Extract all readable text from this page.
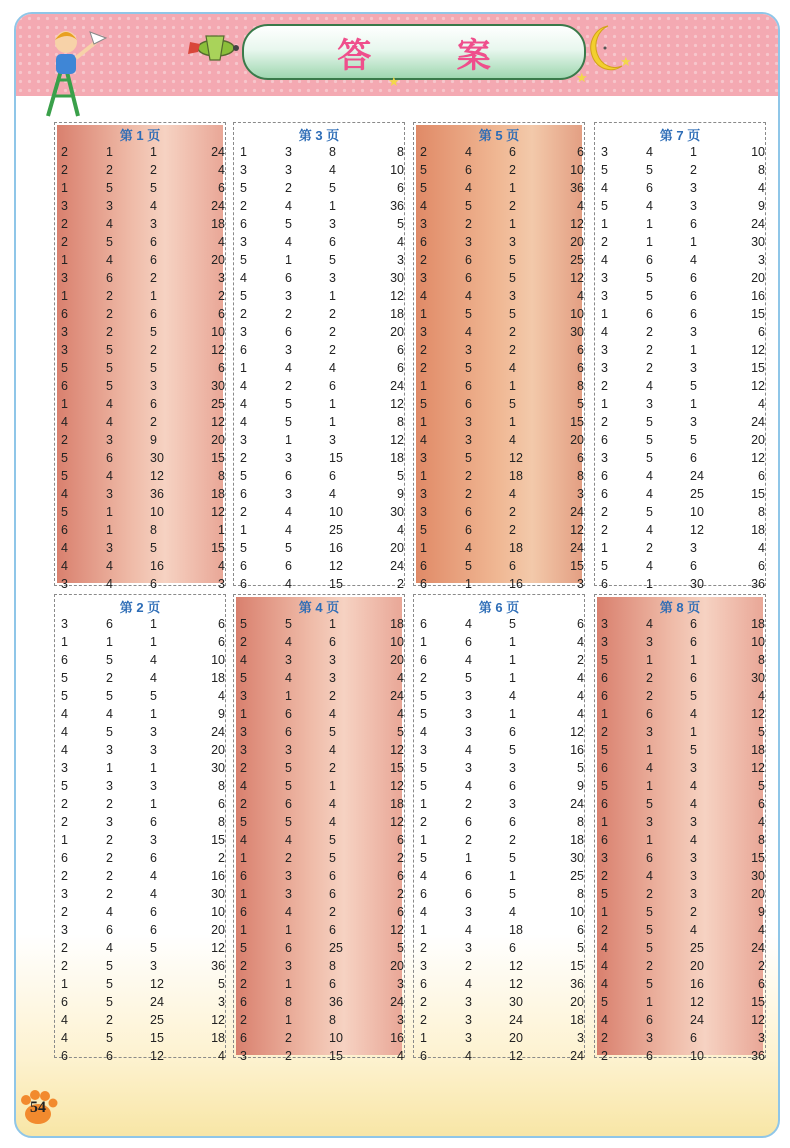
答 案
★	★
★
第 1 页
2	1	1	24
2	2	2	4
1	5	5	6
3	3	4	24
2	4	3	18
2	5	6	4
1	4	6	20
3	6	2	3
1	2	1	2
6	2	6	6
3	2	5	10
3	5	2	12
5	5	5	6
6	5	3	30
1	4	6	25
4	4	2	12
2	3	9	20
5	6	30	15
5	4	12	8
4	3	36	18
5	1	10	12
6	1	8	1
4	3	5	15
4	4	16	4
3	4	6	3
第 3 页
1	3	8	8
3	3	4	10
5	2	5	6
2	4	1	36
6	5	3	5
3	4	6	4
5	1	5	3
4	6	3	30
5	3	1	12
2	2	2	18
3	6	2	20
6	3	2	6
1	4	4	6
4	2	6	24
4	5	1	12
4	5	1	8
3	1	3	12
2	3	15	18
5	6	6	5
6	3	4	9
2	4	10	30
1	4	25	4
5	5	16	20
6	6	12	24
6	4	15	2
第 5 页
2	4	6	6
5	6	2	10
5	4	1	36
4	5	2	4
3	2	1	12
6	3	3	20
2	6	5	25
3	6	5	12
4	4	3	4
1	5	5	10
3	4	2	30
2	3	2	6
2	5	4	6
1	6	1	8
5	6	5	5
1	3	1	15
4	3	4	20
3	5	12	6
1	2	18	8
3	2	4	3
3	6	2	24
5	6	2	12
1	4	18	24
6	5	6	15
6	1	16	3
第 7 页
3	4	1	10
5	5	2	8
4	6	3	4
5	4	3	9
1	1	6	24
2	1	1	30
4	6	4	3
3	5	6	20
3	5	6	16
1	6	6	15
4	2	3	6
3	2	1	12
3	2	3	15
2	4	5	12
1	3	1	4
2	5	3	24
6	5	5	20
3	5	6	12
6	4	24	6
6	4	25	15
2	5	10	8
2	4	12	18
1	2	3	4
5	4	6	6
6	1	30	36
第 2 页
3	6	1	6
1	1	1	6
6	5	4	10
5	2	4	18
5	5	5	4
4	4	1	9
4	5	3	24
4	3	3	20
3	1	1	30
5	3	3	8
2	2	1	6
2	3	6	8
1	2	3	15
6	2	6	2
2	2	4	16
3	2	4	30
2	4	6	10
3	6	6	20
2	4	5	12
2	5	3	36
1	5	12	5
6	5	24	3
4	2	25	12
4	5	15	18
6	6	12	4
第 4 页
5	5	1	18
2	4	6	10
4	3	3	20
5	4	3	4
3	1	2	24
1	6	4	4
3	6	5	5
3	3	4	12
2	5	2	15
4	5	1	12
2	6	4	18
5	5	4	12
4	4	5	6
1	2	5	2
6	3	6	6
1	3	6	2
6	4	2	6
1	1	6	12
5	6	25	5
2	3	8	20
2	1	6	3
6	8	36	24
2	1	8	3
6	2	10	16
3	2	15	4
第 6 页
6	4	5	6
1	6	1	4
6	4	1	2
2	5	1	4
5	3	4	4
5	3	1	4
4	3	6	12
3	4	5	16
5	3	3	5
5	4	6	9
1	2	3	24
2	6	6	8
1	2	2	18
5	1	5	30
4	6	1	25
6	6	5	8
4	3	4	10
1	4	18	6
2	3	6	5
3	2	12	15
6	4	12	36
2	3	30	20
2	3	24	18
1	3	20	3
6	4	12	24
第 8 页
3	4	6	18
3	3	6	10
5	1	1	8
6	2	6	30
6	2	5	4
1	6	4	12
2	3	1	5
5	1	5	18
6	4	3	12
5	1	4	5
6	5	4	6
1	3	3	4
6	1	4	8
3	6	3	15
2	4	3	30
5	2	3	20
1	5	2	9
2	5	4	4
4	5	25	24
4	2	20	2
4	5	16	6
5	1	12	15
4	6	24	12
2	3	6	3
2	6	10	36
54
